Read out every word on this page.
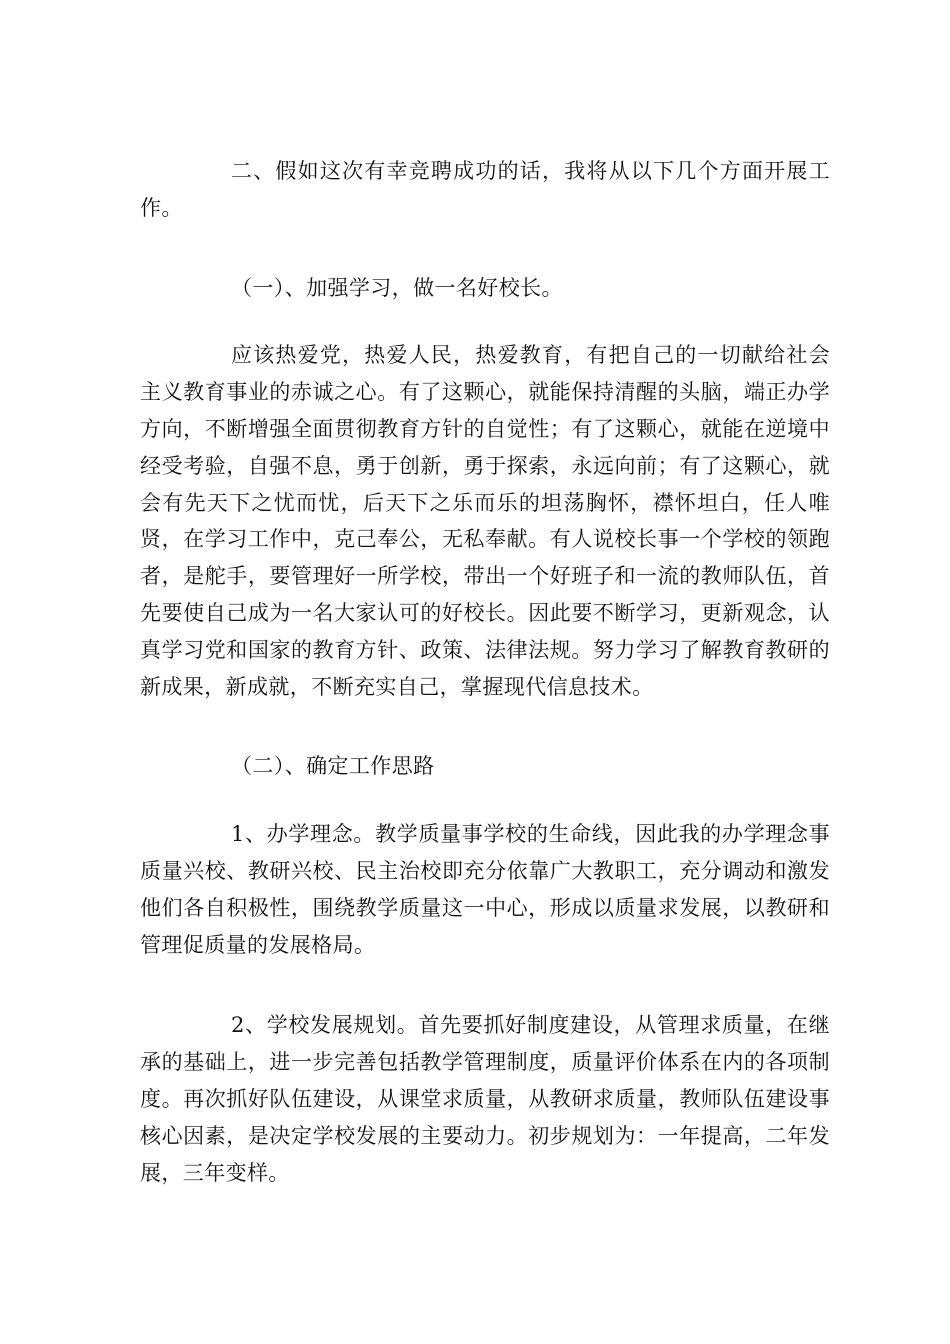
二、假如这次有幸竞聘成功的话，我将从以下几个方面开展工作。

（一）、加强学习，做一名好校长。

应该热爱党，热爱人民，热爱教育，有把自己的一切献给社会主义教育事业的赤诚之心。有了这颗心，就能保持清醒的头脑，端正办学方向，不断增强全面贯彻教育方针的自觉性；有了这颗心，就能在逆境中经受考验，自强不息，勇于创新，勇于探索，永远向前；有了这颗心，就会有先天下之忧而忧，后天下之乐而乐的坦荡胸怀，襟怀坦白，任人唯贤，在学习工作中，克己奉公，无私奉献。有人说校长事一个学校的领跑者，是舵手，要管理好一所学校，带出一个好班子和一流的教师队伍，首先要使自己成为一名大家认可的好校长。因此要不断学习，更新观念，认真学习党和国家的教育方针、政策、法律法规。努力学习了解教育教研的新成果，新成就，不断充实自己，掌握现代信息技术。

（二）、确定工作思路

1、办学理念。教学质量事学校的生命线，因此我的办学理念事质量兴校、教研兴校、民主治校即充分依靠广大教职工，充分调动和激发他们各自积极性，围绕教学质量这一中心，形成以质量求发展，以教研和管理促质量的发展格局。

2、学校发展规划。首先要抓好制度建设，从管理求质量，在继承的基础上，进一步完善包括教学管理制度，质量评价体系在内的各项制度。再次抓好队伍建设，从课堂求质量，从教研求质量，教师队伍建设事核心因素，是决定学校发展的主要动力。初步规划为：一年提高，二年发展，三年变样。
